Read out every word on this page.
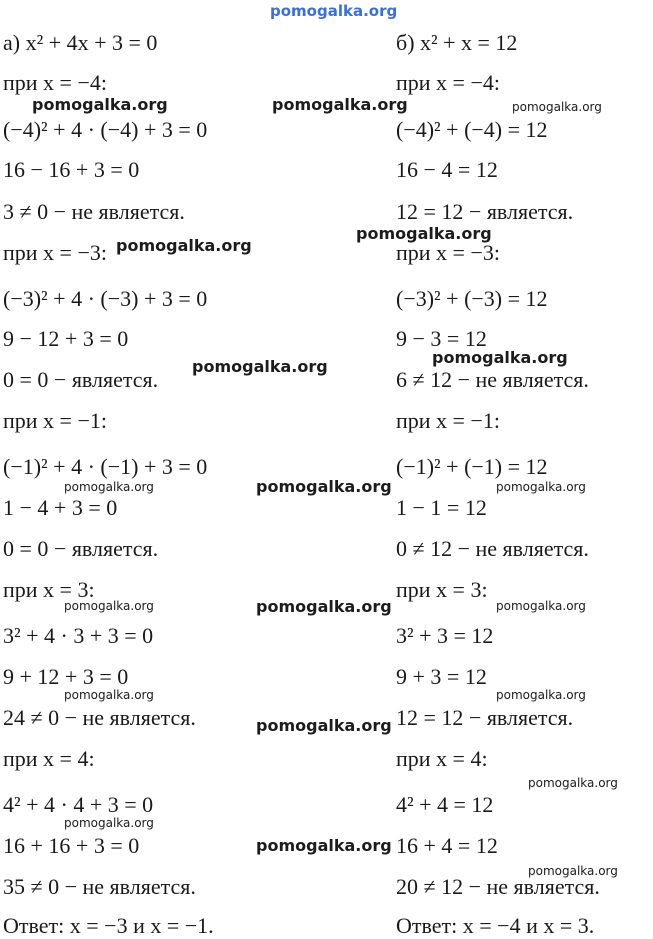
а) x² + 4x + 3 = 0
при x = −4:
(−4)² + 4 · (−4) + 3 = 0
16 − 16 + 3 = 0
3 ≠ 0 − не является.
при x = −3:
(−3)² + 4 · (−3) + 3 = 0
9 − 12 + 3 = 0
0 = 0 − является.
при x = −1:
(−1)² + 4 · (−1) + 3 = 0
1 − 4 + 3 = 0
0 = 0 − является.
при x = 3:
3² + 4 · 3 + 3 = 0
9 + 12 + 3 = 0
24 ≠ 0 − не является.
при x = 4:
4² + 4 · 4 + 3 = 0
16 + 16 + 3 = 0
35 ≠ 0 − не является.
Ответ: x = −3 и x = −1.
б) x² + x = 12
при x = −4:
(−4)² + (−4) = 12
16 − 4 = 12
12 = 12 − является.
при x = −3:
(−3)² + (−3) = 12
9 − 3 = 12
6 ≠ 12 − не является.
при x = −1:
(−1)² + (−1) = 12
1 − 1 = 12
0 ≠ 12 − не является.
при x = 3:
3² + 3 = 12
9 + 3 = 12
12 = 12 − является.
при x = 4:
4² + 4 = 12
16 + 4 = 12
20 ≠ 12 − не является.
Ответ: x = −4 и x = 3.
pomogalka.org
pomogalka.org	pomogalka.org	pomogalka.org
pomogalka.org
pomogalka.org
pomogalka.org
pomogalka.org
pomogalka.org	pomogalka.org	pomogalka.org
pomogalka.org	pomogalka.org	pomogalka.org
pomogalka.org	pomogalka.org
pomogalka.org
pomogalka.org
pomogalka.org
pomogalka.org
pomogalka.org
